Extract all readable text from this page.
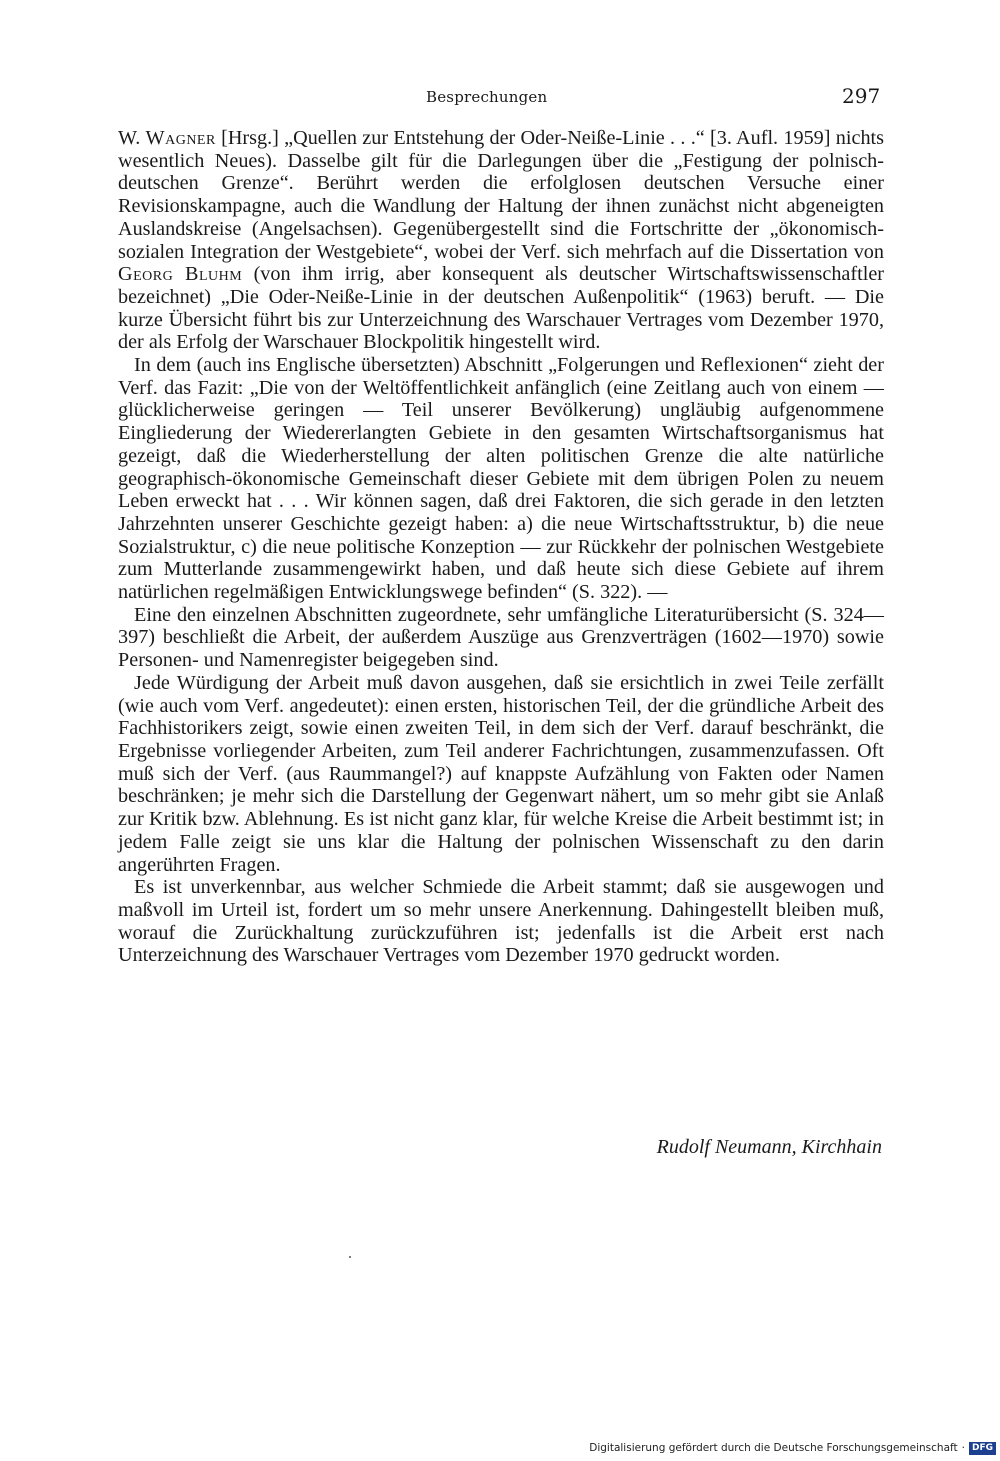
Besprechungen	297

W. Wagner [Hrsg.] „Quellen zur Entstehung der Oder-Neiße-Linie . . .“ [3. Aufl. 1959] nichts wesentlich Neues). Dasselbe gilt für die Darlegungen über die „Festigung der polnisch-deutschen Grenze“. Berührt werden die erfolglosen deutschen Versuche einer Revisionskampagne, auch die Wandlung der Haltung der ihnen zunächst nicht abgeneigten Auslandskreise (Angelsachsen). Gegenübergestellt sind die Fortschritte der „ökonomisch-sozialen Integration der Westgebiete“, wobei der Verf. sich mehrfach auf die Dissertation von Georg Bluhm (von ihm irrig, aber konsequent als deutscher Wirtschaftswissenschaftler bezeichnet) „Die Oder-Neiße-Linie in der deutschen Außenpolitik“ (1963) beruft. — Die kurze Übersicht führt bis zur Unterzeichnung des Warschauer Vertrages vom Dezember 1970, der als Erfolg der Warschauer Blockpolitik hingestellt wird.

In dem (auch ins Englische übersetzten) Abschnitt „Folgerungen und Reflexionen“ zieht der Verf. das Fazit: „Die von der Weltöffentlichkeit anfänglich (eine Zeitlang auch von einem — glücklicherweise geringen — Teil unserer Bevölkerung) ungläubig aufgenommene Eingliederung der Wiedererlangten Gebiete in den gesamten Wirtschaftsorganismus hat gezeigt, daß die Wiederherstellung der alten politischen Grenze die alte natürliche geographisch-ökonomische Gemeinschaft dieser Gebiete mit dem übrigen Polen zu neuem Leben erweckt hat . . . Wir können sagen, daß drei Faktoren, die sich gerade in den letzten Jahrzehnten unserer Geschichte gezeigt haben: a) die neue Wirtschaftsstruktur, b) die neue Sozialstruktur, c) die neue politische Konzeption — zur Rückkehr der polnischen Westgebiete zum Mutterlande zusammengewirkt haben, und daß heute sich diese Gebiete auf ihrem natürlichen regelmäßigen Entwicklungswege befinden“ (S. 322). —

Eine den einzelnen Abschnitten zugeordnete, sehr umfängliche Literaturübersicht (S. 324—397) beschließt die Arbeit, der außerdem Auszüge aus Grenzverträgen (1602—1970) sowie Personen- und Namenregister beigegeben sind.

Jede Würdigung der Arbeit muß davon ausgehen, daß sie ersichtlich in zwei Teile zerfällt (wie auch vom Verf. angedeutet): einen ersten, historischen Teil, der die gründliche Arbeit des Fachhistorikers zeigt, sowie einen zweiten Teil, in dem sich der Verf. darauf beschränkt, die Ergebnisse vorliegender Arbeiten, zum Teil anderer Fachrichtungen, zusammenzufassen. Oft muß sich der Verf. (aus Raummangel?) auf knappste Aufzählung von Fakten oder Namen beschränken; je mehr sich die Darstellung der Gegenwart nähert, um so mehr gibt sie Anlaß zur Kritik bzw. Ablehnung. Es ist nicht ganz klar, für welche Kreise die Arbeit bestimmt ist; in jedem Falle zeigt sie uns klar die Haltung der polnischen Wissenschaft zu den darin angerührten Fragen.

Es ist unverkennbar, aus welcher Schmiede die Arbeit stammt; daß sie ausgewogen und maßvoll im Urteil ist, fordert um so mehr unsere Anerkennung. Dahingestellt bleiben muß, worauf die Zurückhaltung zurückzuführen ist; jedenfalls ist die Arbeit erst nach Unterzeichnung des Warschauer Vertrages vom Dezember 1970 gedruckt worden.

Rudolf Neumann, Kirchhain
Digitalisierung gefördert durch die Deutsche Forschungsgemeinschaft · DFG
